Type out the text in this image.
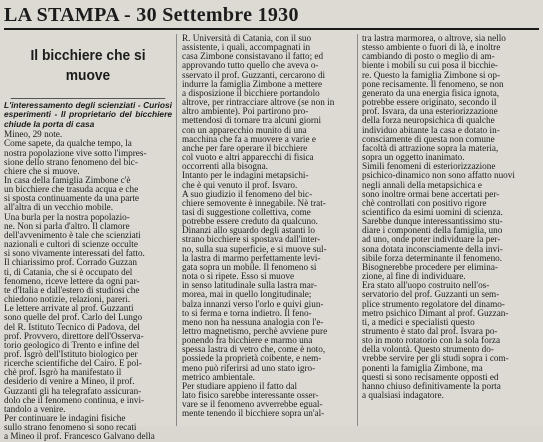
LA STAMPA - 30 Settembre 1930
Il bicchiere che si muove
L'interessamento degli scienziati - Curiosi esperimenti - Il proprietario del bicchiere chiude la porta di casa
Mineo, 29 note.
Come sapete, da qualche tempo, la
nostra popolazione vive sotto l'impres-
sione dello strano fenomeno del bic-
chiere che si muove.
In casa della famiglia Zimbone c'è
un bicchiere che trasuda acqua e che
si sposta continuamente da una parte
all'altra di un vecchio mobile.
Una burla per la nostra popolazio-
ne. Non si parla d'altro. Il clamore
dell'avvenimento è tale che scienziati
nazionali e cultori di scienze occulte
si sono vivamente interessati del fatto.
Il chiarissimo prof. Corrado Guzzan
ti, di Catania, che si è occupato del
fenomeno, riceve lettere da ogni par-
te d'Italia e dall'estero di studiosi che
chiedono notizie, relazioni, pareri.
Le lettere arrivate al prof. Guzzanti
sono quelle del prof. Carlo del Lungo
del R. Istituto Tecnico di Padova, del
prof. Provvero, direttore dell'Osserva-
torio geologico di Trento e infine del
prof. Isgrò dell'Istituto biologico per
ricerche scientifiche del Cairo. E pol-
chè prof. Isgrò ha manifestato il
desiderio di venire a Mineo, il prof.
Guzzanti gli ha telegrafato assicuran-
dolo che il fenomeno continua, e invi-
tandolo a venire.
Per continuare le indagini fisiche
sullo strano fenomeno si sono recati
a Mineo il prof. Francesco Galvano della
R. Università di Catania, con il suo
assistente, i quali, accompagnati in
casa Zimbone consistavano il fatto; ed
approvando tutto quello che aveva o-
sservato il prof. Guzzanti, cercarono di
indurre la famiglia Zimbone a mettere
a disposizione il bicchiere portandolo
altrove, per rintracciare altrove (se non in
altro ambiente). Poi partirono pro-
mettendosi di tornare tra alcuni giorni
con un apparecchio munito di una
macchina che fa a muovere a varie e
anche per fare operare il bicchiere
col vuoto e altri apparecchi di fisica
occorrenti alla bisogna.
Intanto per le indagini metapsichi-
che è qui venuto il prof. Isvaro.
A suo giudizio il fenomeno del bic-
chiere semovente è innegabile. Nè trat-
tasi di suggestione collettiva, come
potrebbe essere creduto da qualcuno.
Dinanzi allo sguardo degli astanti lo
strano bicchiere si spostava dall'inter-
no, sulla sua superficie, e si muove sul-
la lastra di marmo perfettamente levi-
gata sopra un mobile. Il fenomeno si
nota o si ripete. Esso si muove
in senso latitudinale sulla lastra mar-
morea, mai in quello longitudinale;
balza innanzi verso l'orlo e quivi giun-
to si ferma e torna indietro. Il feno-
meno non ha nessuna analogia con l'e-
lettro magnetismo, perchè avviene pure
ponendo fra bicchiere e marmo una
spessa lastra di vetro che, come è noto,
possiede la proprietà coibente, e nem-
meno può riferirsi ad uno stato igro-
metrico ambientale.
Per studiare appieno il fatto dal
lato fisico sarebbe interessante osser-
vare se il fenomeno avverrebbe egual-
mente tenendo il bicchiere sopra un'al-
tra lastra marmorea, o altrove, sia nello
stesso ambiente o fuori di là, e inoltre
cambiando di posto o meglio di am-
biente i mobili su cui posa il bicchie-
re. Questo la famiglia Zimbone si op-
pone recisamente. Il fenomeno, se non
generato da una energia fisica ignota,
potrebbe essere originato, secondo il
prof. Isvara, da una esteriorizzazione
della forza neuropsichica di qualche
individuo abitante la casa e dotato in-
consciamente di questa non comune
facoltà di attrazione sopra la materia,
sopra un oggetto inanimato.
Simili fenomeni di esteriorizzazione
psichico-dinamico non sono affatto nuovi
negli annali della metapsichica e
sono inoltre ormai bene accertati per-
chè controllati con positivo rigore
scientifico da esimi uomini di scienza.
Sarebbe dunque interessantissimo stu-
diare i componenti della famiglia, uno
ad uno, onde poter individuare la per-
sona dotata inconsciamente della invi-
sibile forza determinante il fenomeno.
Bisognerebbe procedere per elimina-
zione, al fine di individuare.
Era stato all'uopo costruito nell'os-
servatorio del prof. Guzzanti un sem-
plice strumento regolatore del dinamo-
metro psichico Dimant al prof. Guzzan-
ti, a medici e specialisti questo
strumento è stato dal prof. Isvara po-
sto in moto rotatorio con la sola forza
della volontà. Questo strumento do-
vrebbe servire per gli studi sopra i com-
ponenti la famiglia Zimbone, ma
questi si sono recisamente opposti ed
hanno chiuso definitivamente la porta
a qualsiasi indagatore.
